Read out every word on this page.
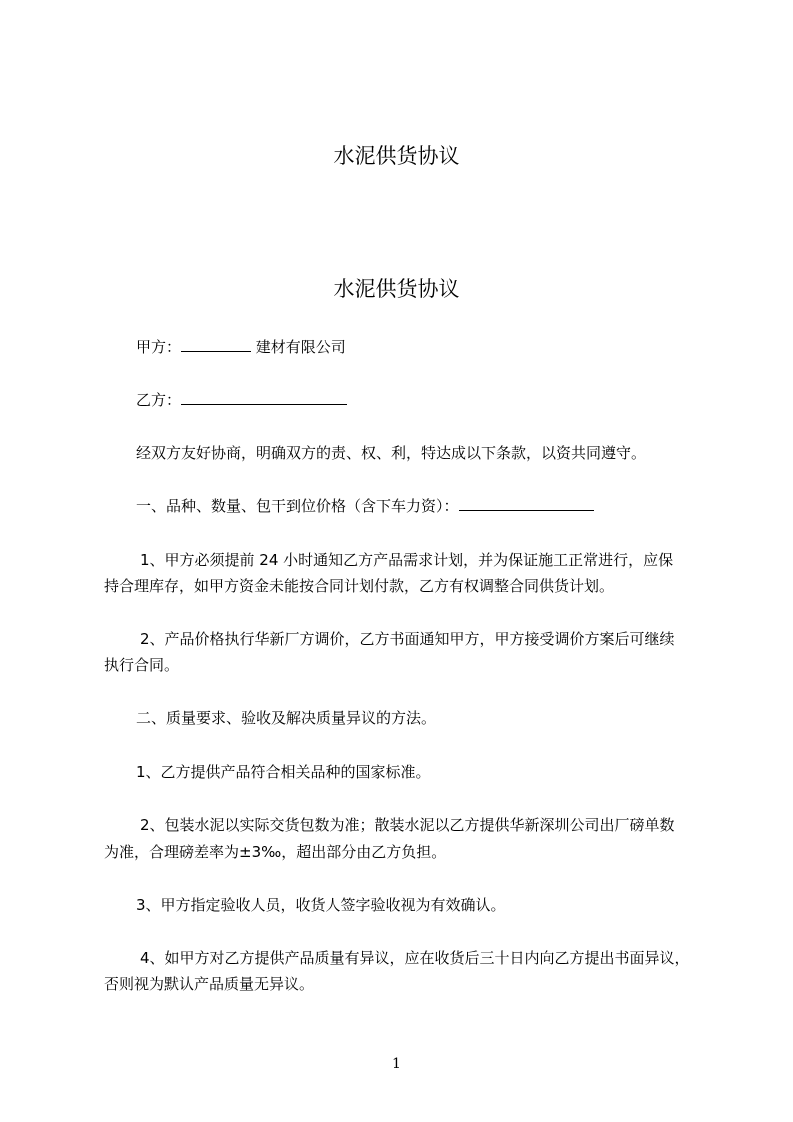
水泥供货协议
水泥供货协议
甲方：	建材有限公司
乙方：
经双方友好协商，明确双方的责、权、利，特达成以下条款，以资共同遵守。
一、品种、数量、包干到位价格（含下车力资）：
1、甲方必须提前 24 小时通知乙方产品需求计划，并为保证施工正常进行，应保
持合理库存，如甲方资金未能按合同计划付款，乙方有权调整合同供货计划。
2、产品价格执行华新厂方调价，乙方书面通知甲方，甲方接受调价方案后可继续
执行合同。
二、质量要求、验收及解决质量异议的方法。
1、乙方提供产品符合相关品种的国家标准。
2、包装水泥以实际交货包数为准；散装水泥以乙方提供华新深圳公司出厂磅单数
为准，合理磅差率为±3‰，超出部分由乙方负担。
3、甲方指定验收人员，收货人签字验收视为有效确认。
4、如甲方对乙方提供产品质量有异议，应在收货后三十日内向乙方提出书面异议，
否则视为默认产品质量无异议。
1
